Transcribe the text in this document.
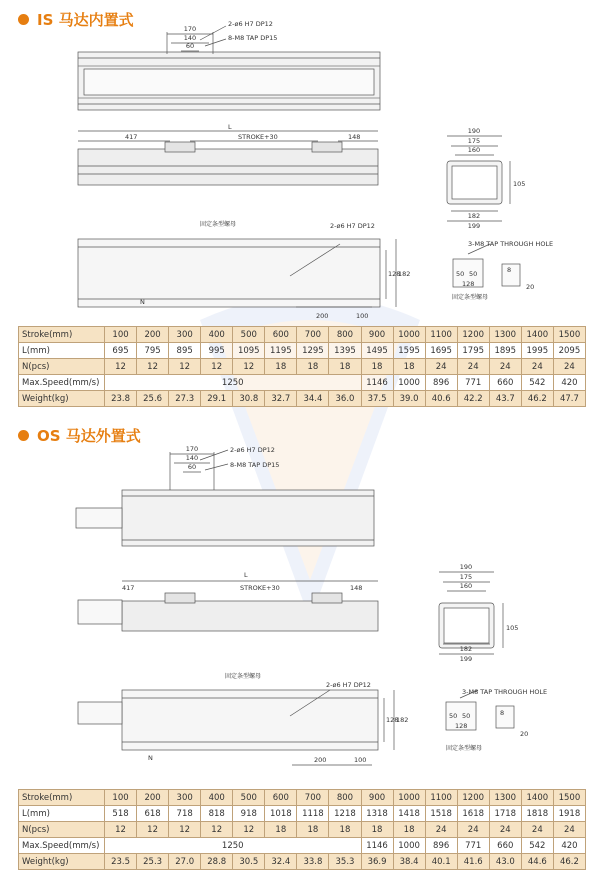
IS 马达内置式
170
140
60
2-ø6 H7 DP12
8-M8 TAP DP15
L
417	STROKE+30	148
190
175
160
105
182
199
固定条型螺母	2-ø6 H7 DP12
128
182
200	100
N
3-M8 TAP THROUGH HOLE
50 50
128
8
20
固定条型螺母
Stroke(mm)	100	200	300	400	500	600	700	800	900	1000	1100	1200	1300	1400	1500
L(mm)	695	795	895	995	1095	1195	1295	1395	1495	1595	1695	1795	1895	1995	2095
N(pcs)	12	12	12	12	12	18	18	18	18	18	24	24	24	24	24
Max.Speed(mm/s)	1250								1146	1000	896	771	660	542	420
Weight(kg)	23.8	25.6	27.3	29.1	30.8	32.7	34.4	36.0	37.5	39.0	40.6	42.2	43.7	46.2	47.7
OS 马达外置式
170
140
60
2-ø6 H7 DP12
8-M8 TAP DP15
L
417	STROKE+30	148
190
175
160
105
182
199
固定条型螺母
2-ø6 H7 DP12
128
182
200	100
N
3-M8 TAP THROUGH HOLE
50 50
128
8
20
固定条型螺母
Stroke(mm)	100	200	300	400	500	600	700	800	900	1000	1100	1200	1300	1400	1500
L(mm)	518	618	718	818	918	1018	1118	1218	1318	1418	1518	1618	1718	1818	1918
N(pcs)	12	12	12	12	12	18	18	18	18	18	24	24	24	24	24
Max.Speed(mm/s)	1250								1146	1000	896	771	660	542	420
Weight(kg)	23.5	25.3	27.0	28.8	30.5	32.4	33.8	35.3	36.9	38.4	40.1	41.6	43.0	44.6	46.2
